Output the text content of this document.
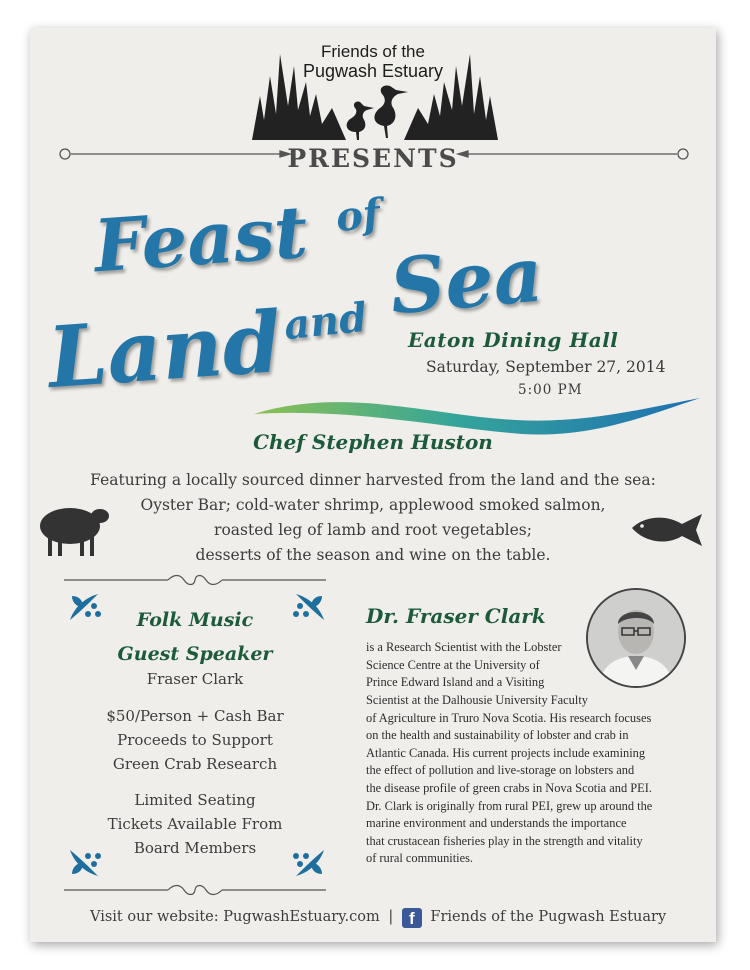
Friends of the
Pugwash Estuary
PRESENTS
Feast of
Land
and Sea
Eaton Dining Hall
Saturday, September 27, 2014
5:00 PM
Chef Stephen Huston
Featuring a locally sourced dinner harvested from the land and the sea:
Oyster Bar; cold-water shrimp, applewood smoked salmon,
roasted leg of lamb and root vegetables;
desserts of the season and wine on the table.
Folk Music
Guest Speaker
Fraser Clark
$50/Person + Cash Bar
Proceeds to Support
Green Crab Research
Limited Seating
Tickets Available From
Board Members
Dr. Fraser Clark
is a Research Scientist with the Lobster
Science Centre at the University of
Prince Edward Island and a Visiting
Scientist at the Dalhousie University Faculty
of Agriculture in Truro Nova Scotia. His research focuses
on the health and sustainability of lobster and crab in
Atlantic Canada. His current projects include examining
the effect of pollution and live-storage on lobsters and
the disease profile of green crabs in Nova Scotia and PEI.
Dr. Clark is originally from rural PEI, grew up around the
marine environment and understands the importance
that crustacean fisheries play in the strength and vitality
of rural communities.
Visit our website: PugwashEstuary.com | f Friends of the Pugwash Estuary
